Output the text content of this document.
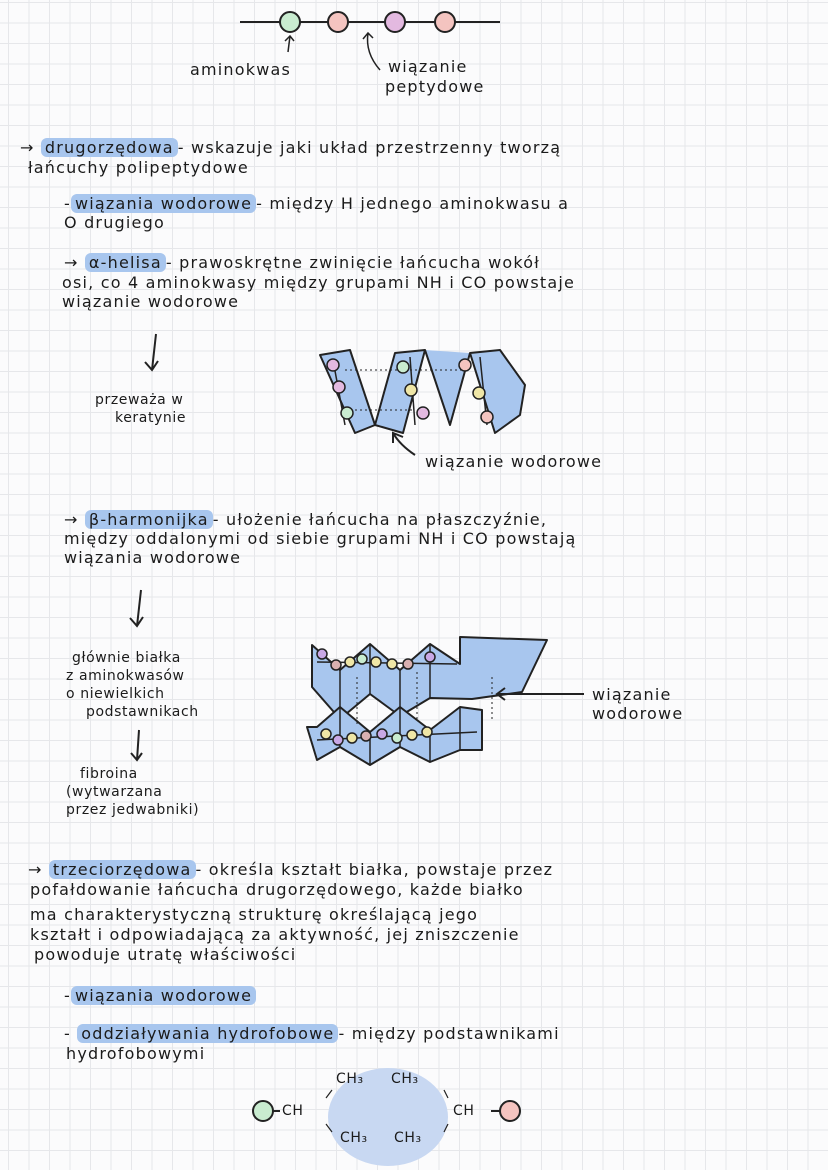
aminokwas	wiązanie
peptydowe
→ drugorzędowa - wskazuje jaki układ przestrzenny tworzą
łańcuchy polipeptydowe
- wiązania wodorowe - między H jednego aminokwasu a
O drugiego
→ α-helisa - prawoskrętne zwinięcie łańcucha wokół
osi, co 4 aminokwasy między grupami NH i CO powstaje
wiązanie wodorowe
przeważa w
keratynie
wiązanie wodorowe
→ β-harmonijka - ułożenie łańcucha na płaszczyźnie,
między oddalonymi od siebie grupami NH i CO powstają
wiązania wodorowe
głównie białka
z aminokwasów
o niewielkich
podstawnikach
fibroina
(wytwarzana
przez jedwabniki)
wiązanie
wodorowe
→ trzeciorzędowa - określa kształt białka, powstaje przez
pofałdowanie łańcucha drugorzędowego, każde białko
ma charakterystyczną strukturę określającą jego
kształt i odpowiadającą za aktywność, jej zniszczenie
powoduje utratę właściwości
- wiązania wodorowe
- oddziaływania hydrofobowe - między podstawnikami
hydrofobowymi
CH	CH
CH₃ CH₃
CH₃ CH₃
